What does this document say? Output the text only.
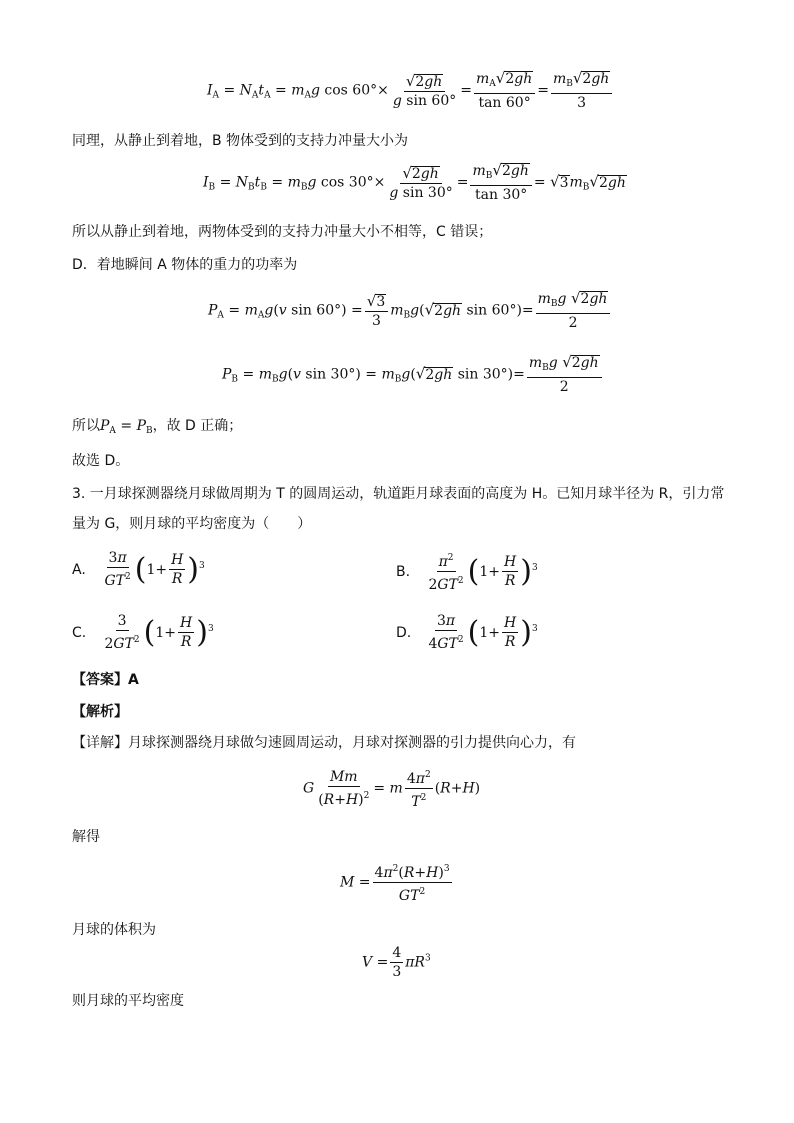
$I_A = N_At_A = m_Ag$ $\cos 60^\circ\times \frac{√2gh}{\text{g sin 60°}} = \frac{m_A√2gh}{\tan 60^\circ} = \frac{m_B√2gh}{3}$
同理，从静止到着地，B 物体受到的支持力冲量大小为
$I_B = N_Bt_B = m_Bg$ $\cos 30^\circ\times \frac{√2gh}{\text{g sin 30°}} = \frac{m_B√2gh}{\tan 30^\circ} = √3m_B√2gh$
所以从静止到着地，两物体受到的支持力冲量大小不相等，C 错误；
D．着地瞬间 A 物体的重力的功率为
$P_A = m_Ag(v$ $\sin 60^\circ) = \frac{√3}{3} m_Bg(√2gh$ $\sin 60^\circ)= \frac{m_Bg √2gh}{2}$
$P_B = m_Bg(v$ $\sin 30^\circ) = m_Bg(√2gh$ $\sin 30^\circ)= \frac{m_Bg √2gh}{2}$
所以$P_A = P_B$，故 D 正确；
故选 D。
3. 一月球探测器绕月球做周期为 T 的圆周运动，轨道距月球表面的高度为 H。已知月球半径为 R，引力常
量为 G，则月球的平均密度为（　　）
A. $\frac{3\pi}{GT^2} (1+ \frac{H}{R} )^3$	B. $\frac{\pi^2}{2GT^2} (1+ \frac{H}{R} )^3$
C. $\frac{3}{2GT^2} (1+ \frac{H}{R} )^3$	D. $\frac{3\pi}{4GT^2} (1+ \frac{H}{R} )^3$
【答案】A
【解析】
【详解】月球探测器绕月球做匀速圆周运动，月球对探测器的引力提供向心力，有
G $\frac{Mm}{(R+H)^2} = m \frac{4\pi^2}{T^2} (R+H)$
解得
$M = \frac{4\pi^2(R+H)^3}{GT^2}$
月球的体积为
$V = \frac{4}{3} \pi R^3$
则月球的平均密度
